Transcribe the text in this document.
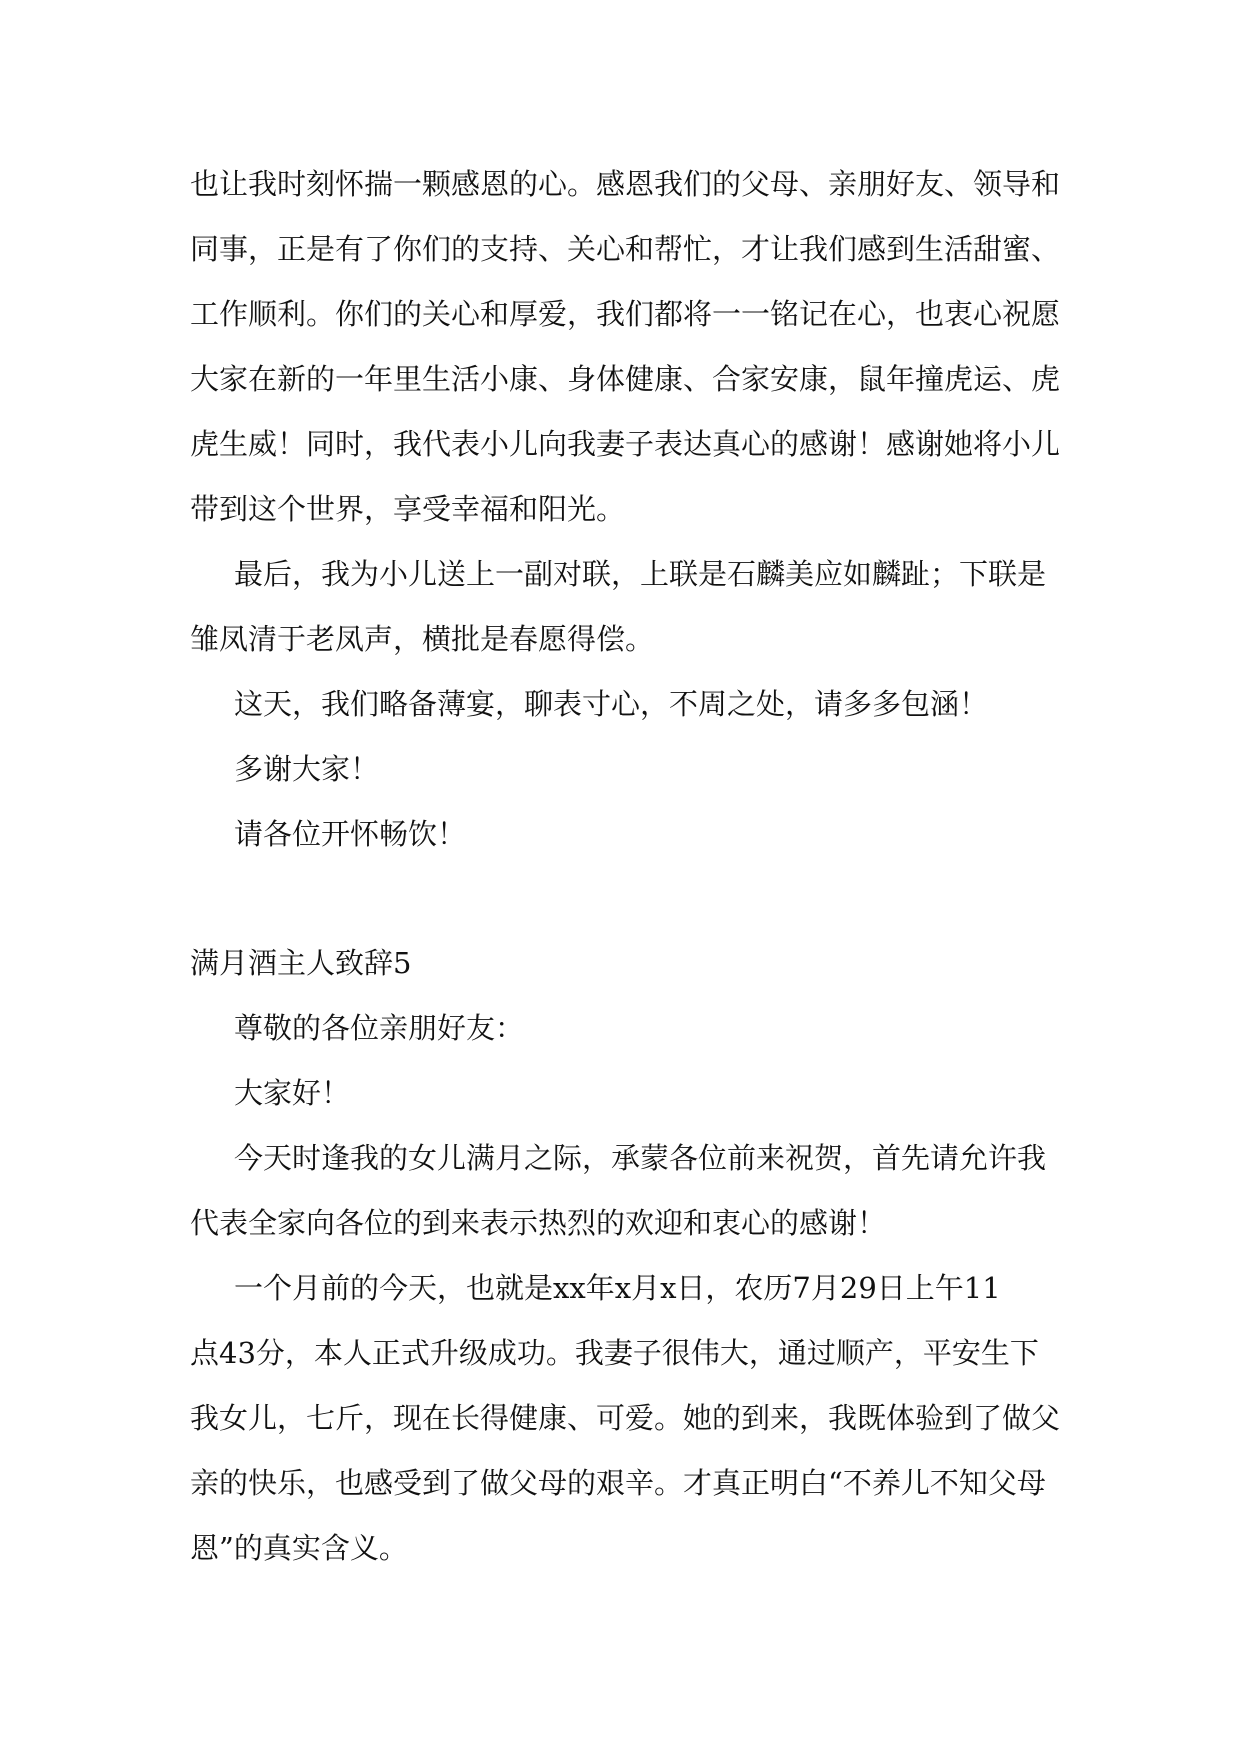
也让我时刻怀揣一颗感恩的心。感恩我们的父母、亲朋好友、领导和
同事，正是有了你们的支持、关心和帮忙，才让我们感到生活甜蜜、
工作顺利。你们的关心和厚爱，我们都将一一铭记在心，也衷心祝愿
大家在新的一年里生活小康、身体健康、合家安康，鼠年撞虎运、虎
虎生威！同时，我代表小儿向我妻子表达真心的感谢！感谢她将小儿
带到这个世界，享受幸福和阳光。

最后，我为小儿送上一副对联，上联是石麟美应如麟趾；下联是
雏凤清于老凤声，横批是春愿得偿。

这天，我们略备薄宴，聊表寸心，不周之处，请多多包涵！

多谢大家！

请各位开怀畅饮！

满月酒主人致辞5

尊敬的各位亲朋好友：

大家好！

今天时逢我的女儿满月之际，承蒙各位前来祝贺，首先请允许我
代表全家向各位的到来表示热烈的欢迎和衷心的感谢！

一个月前的今天，也就是xx年x月x日，农历7月29日上午11
点43分，本人正式升级成功。我妻子很伟大，通过顺产，平安生下
我女儿，七斤，现在长得健康、可爱。她的到来，我既体验到了做父
亲的快乐，也感受到了做父母的艰辛。才真正明白“不养儿不知父母
恩”的真实含义。
